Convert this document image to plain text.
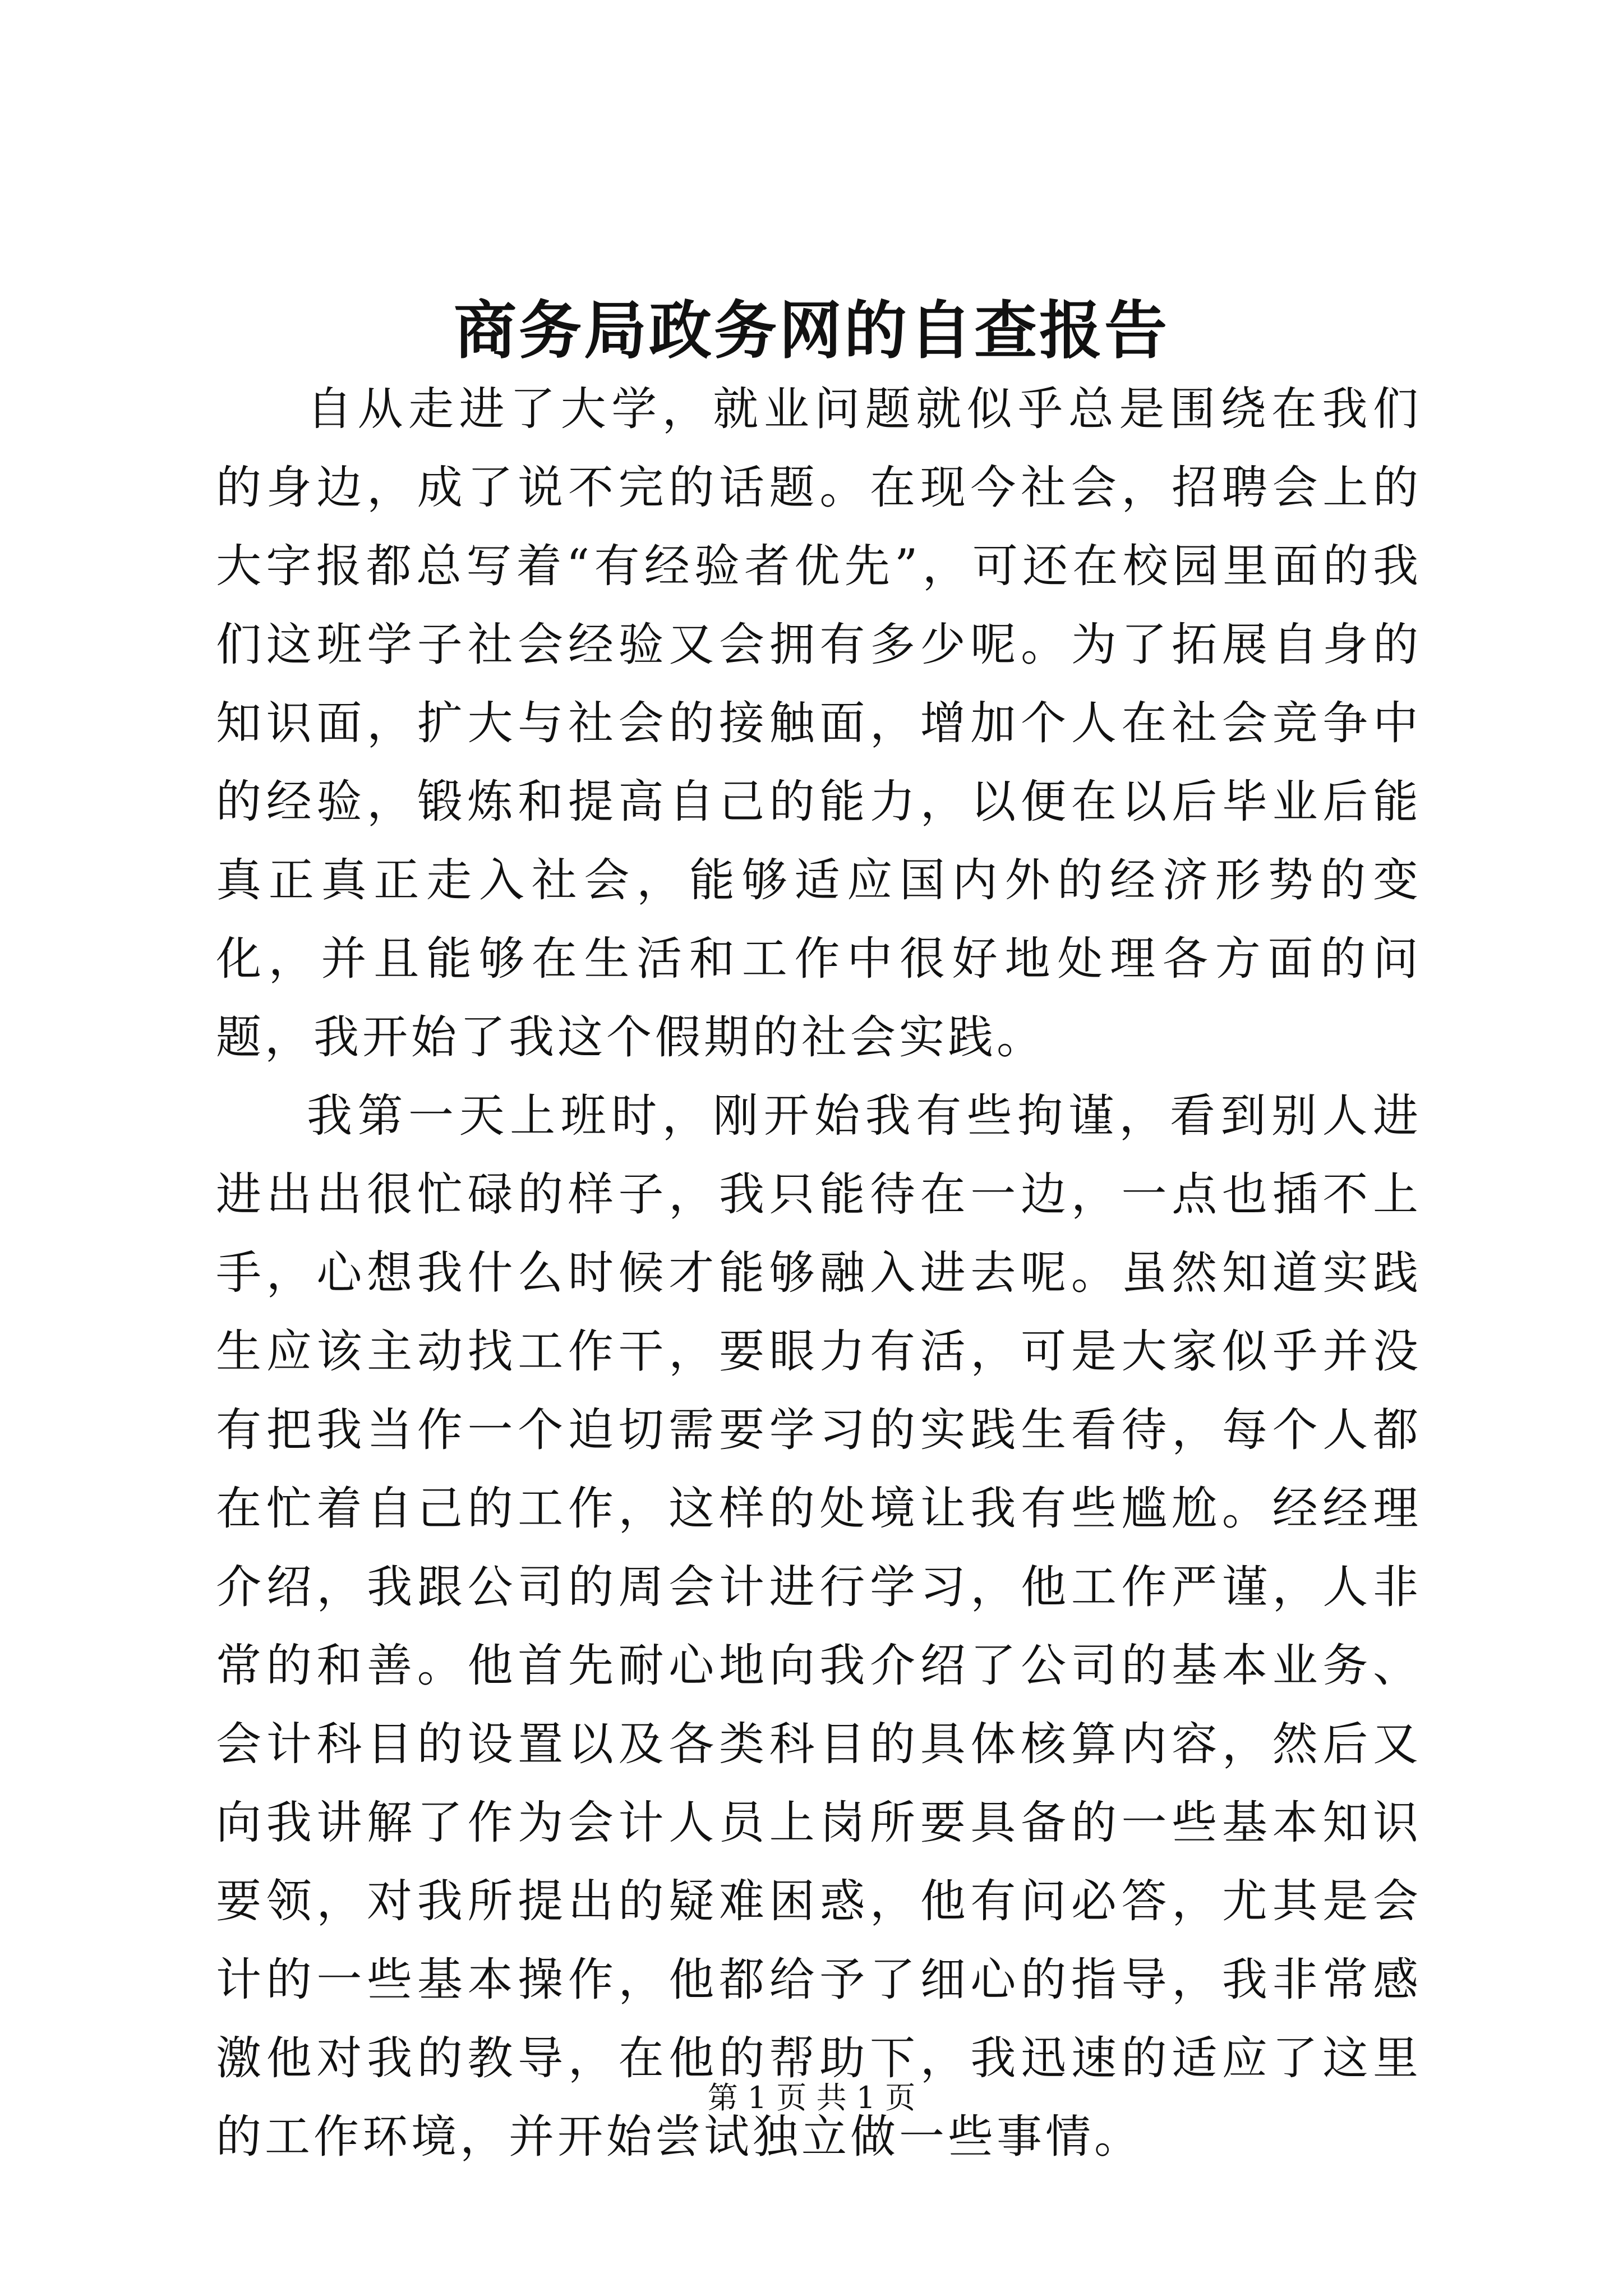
商务局政务网的自查报告

自从走进了大学，就业问题就似乎总是围绕在我们的身边，成了说不完的话题。在现今社会，招聘会上的大字报都总写着“有经验者优先”，可还在校园里面的我们这班学子社会经验又会拥有多少呢。为了拓展自身的知识面，扩大与社会的接触面，增加个人在社会竞争中的经验，锻炼和提高自己的能力，以便在以后毕业后能真正真正走入社会，能够适应国内外的经济形势的变化，并且能够在生活和工作中很好地处理各方面的问题，我开始了我这个假期的社会实践。

我第一天上班时，刚开始我有些拘谨，看到别人进进出出很忙碌的样子，我只能待在一边，一点也插不上手，心想我什么时候才能够融入进去呢。虽然知道实践生应该主动找工作干，要眼力有活，可是大家似乎并没有把我当作一个迫切需要学习的实践生看待，每个人都在忙着自己的工作，这样的处境让我有些尴尬。经经理介绍，我跟公司的周会计进行学习，他工作严谨，人非常的和善。他首先耐心地向我介绍了公司的基本业务、会计科目的设置以及各类科目的具体核算内容，然后又向我讲解了作为会计人员上岗所要具备的一些基本知识要领，对我所提出的疑难困惑，他有问必答，尤其是会计的一些基本操作，他都给予了细心的指导，我非常感激他对我的教导，在他的帮助下，我迅速的适应了这里的工作环境，并开始尝试独立做一些事情。

第 1 页 共 1 页
